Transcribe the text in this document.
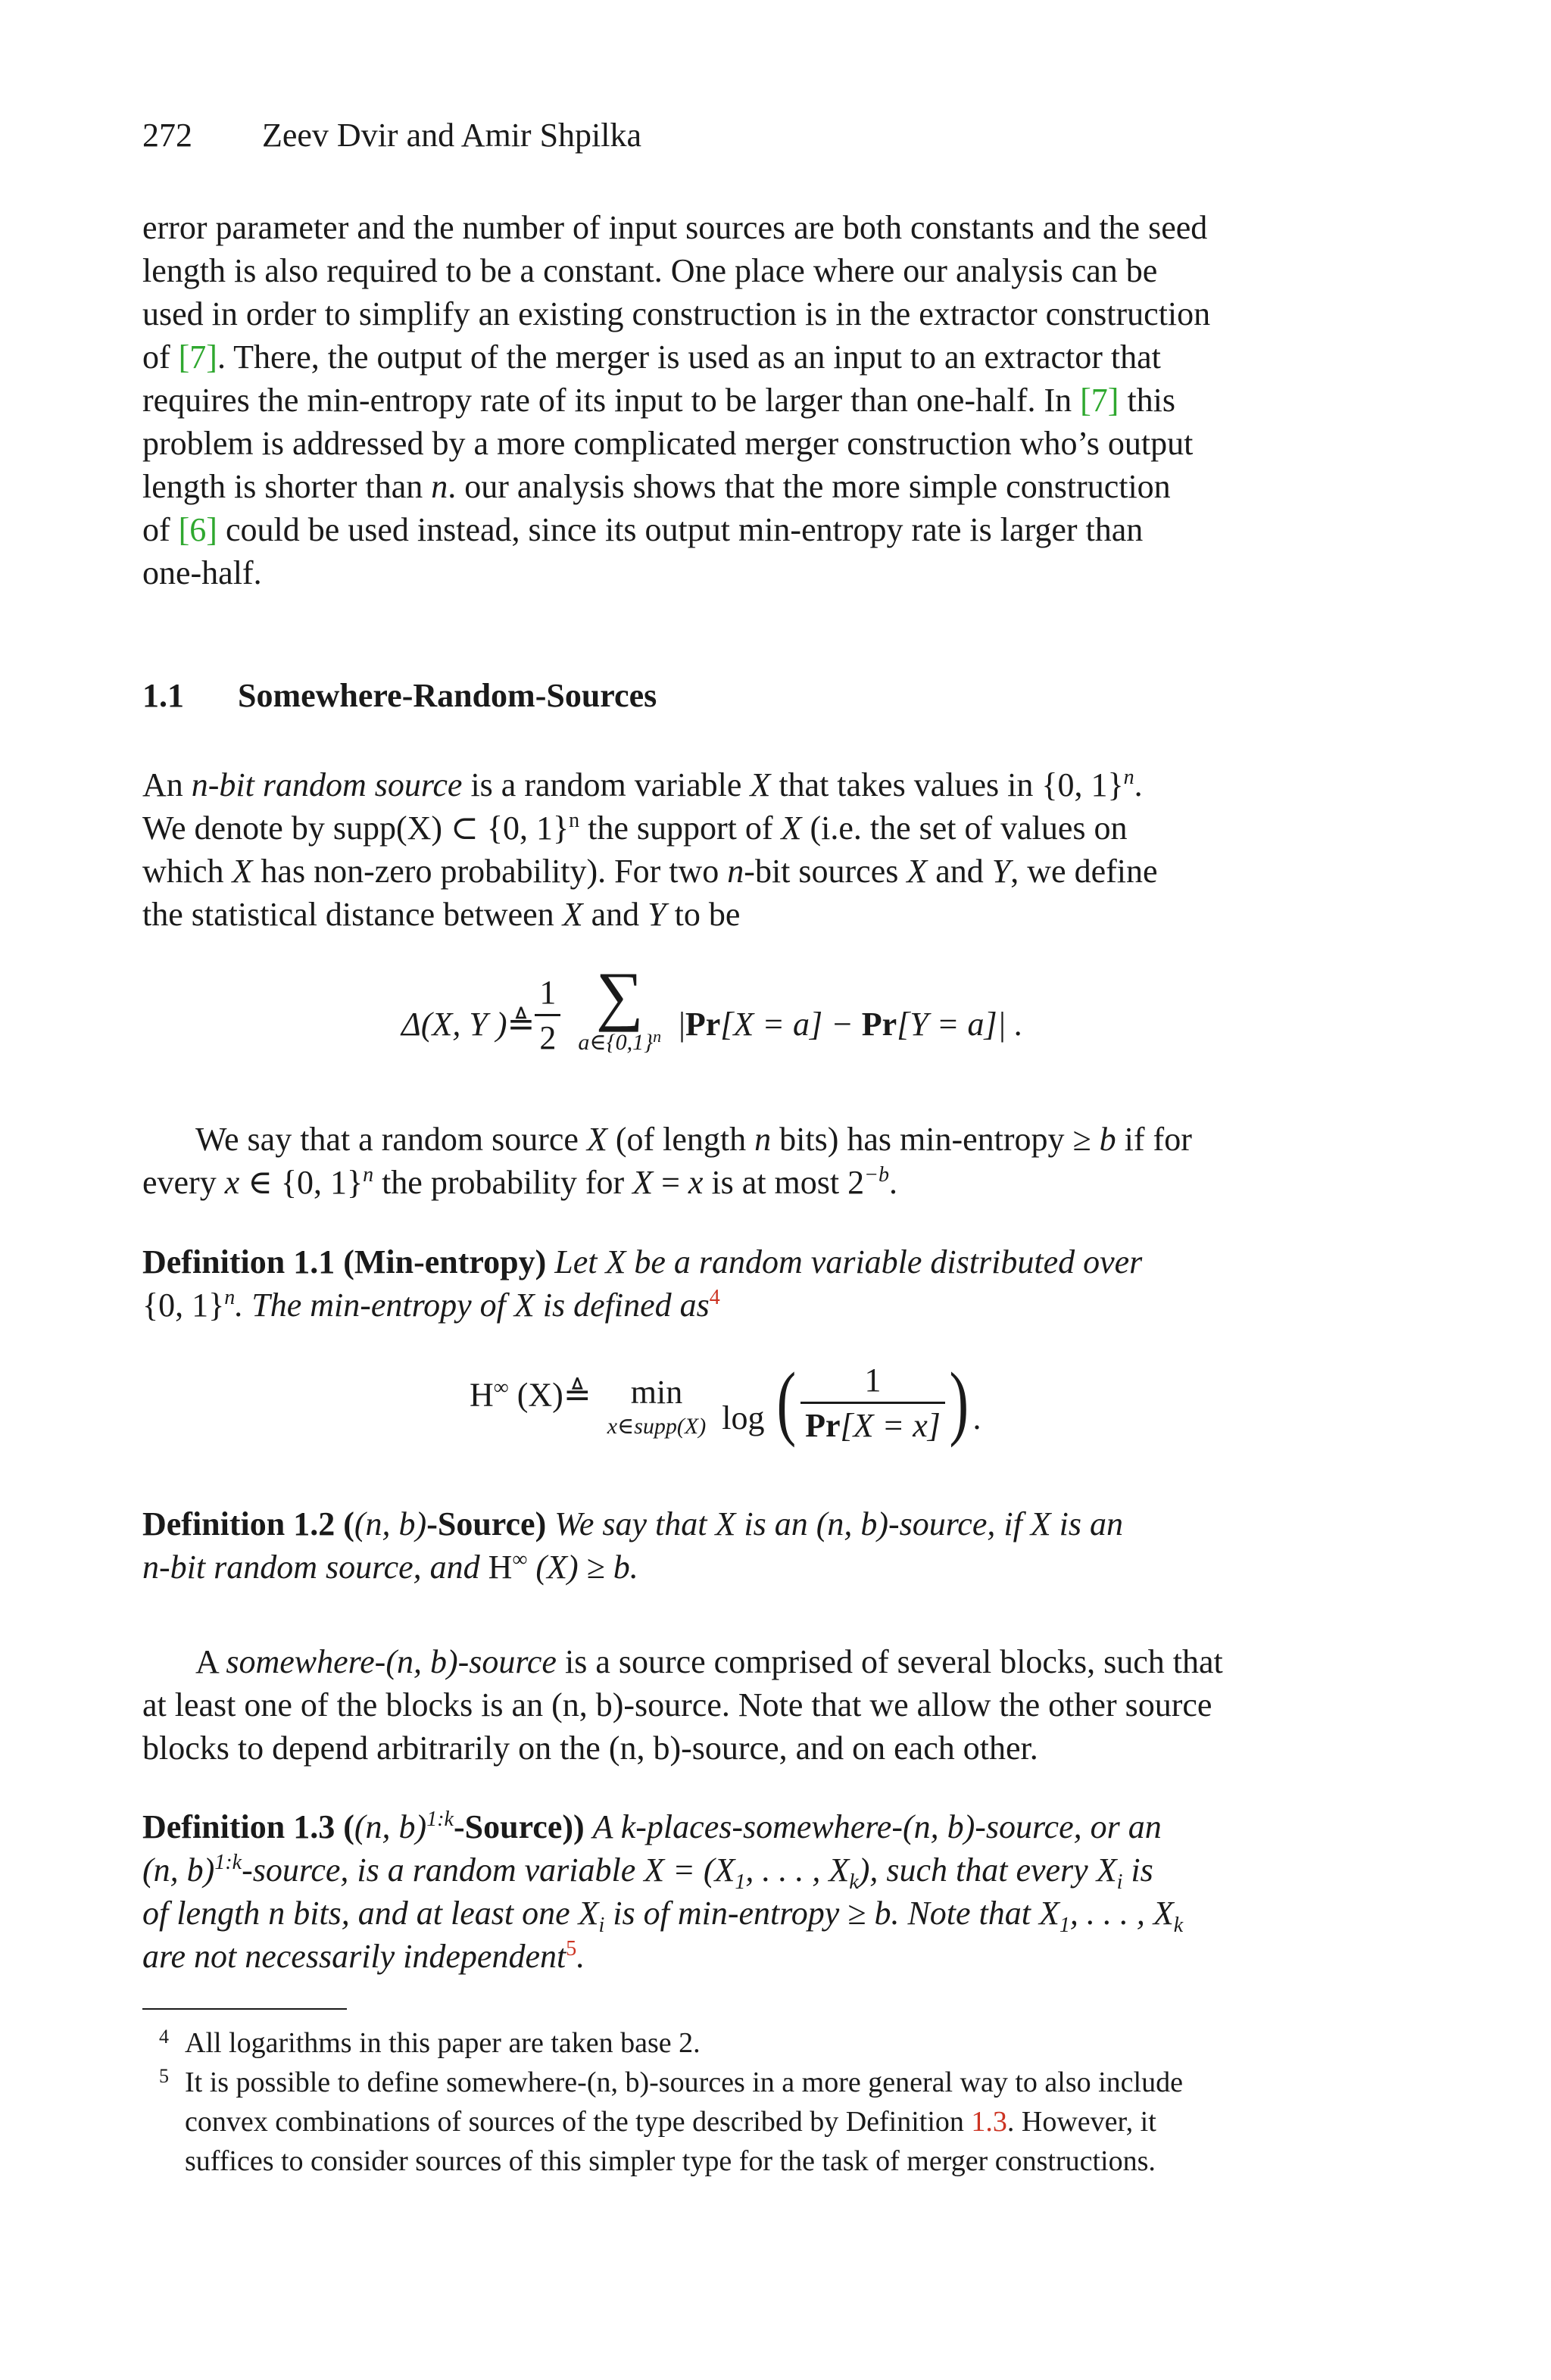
272 Zeev Dvir and Amir Shpilka
error parameter and the number of input sources are both constants and the seed
length is also required to be a constant. One place where our analysis can be
used in order to simplify an existing construction is in the extractor construction
of [7]. There, the output of the merger is used as an input to an extractor that
requires the min-entropy rate of its input to be larger than one-half. In [7] this
problem is addressed by a more complicated merger construction who’s output
length is shorter than n. our analysis shows that the more simple construction
of [6] could be used instead, since its output min-entropy rate is larger than
one-half.
1.1 Somewhere-Random-Sources
An n-bit random source is a random variable X that takes values in {0, 1}$^n$.
We denote by supp(X) ⊂ {0, 1}$^n$ the support of X (i.e. the set of values on
which X has non-zero probability). For two n-bit sources X and Y, we define
the statistical distance between X and Y to be
Δ(X, Y )≜ $\frac{1}{2}$ ∑
$a\in\{0,1\}^n$ |Pr[X = a] − Pr[Y = a]| .
We say that a random source X (of length n bits) has min-entropy ≥ b if for
every x ∈ {0, 1}$^n$ the probability for X = x is at most $2^{-b}$.
Definition 1.1 (Min-entropy) Let X be a random variable distributed over
{0, 1}$^n$. The min-entropy of X is defined as$^4$
H∞ (X)≜	min
x∈supp(X) log ( $\frac{1}{Pr[X = x]}$ ) .
Definition 1.2 ((n, b)-Source) We say that X is an (n, b)-source, if X is an
n-bit random source, and H∞ (X) ≥ b.
A somewhere-(n, b)-source is a source comprised of several blocks, such that
at least one of the blocks is an (n, b)-source. Note that we allow the other source
blocks to depend arbitrarily on the (n, b)-source, and on each other.
Definition 1.3 ((n, b)$^{1:k}$-Source)) A k-places-somewhere-(n, b)-source, or an
(n, b)$^{1:k}$-source, is a random variable $X = (X_1$, . . . , $X_k$), such that every $X_i$ is
of length n bits, and at least one $X_i$ is of min-entropy ≥ b. Note that $X_1$, . . . , $X_k$
are not necessarily independent$^5$.
4 All logarithms in this paper are taken base 2.
5 It is possible to define somewhere-(n, b)-sources in a more general way to also include
convex combinations of sources of the type described by Definition 1.3. However, it
suffices to consider sources of this simpler type for the task of merger constructions.
